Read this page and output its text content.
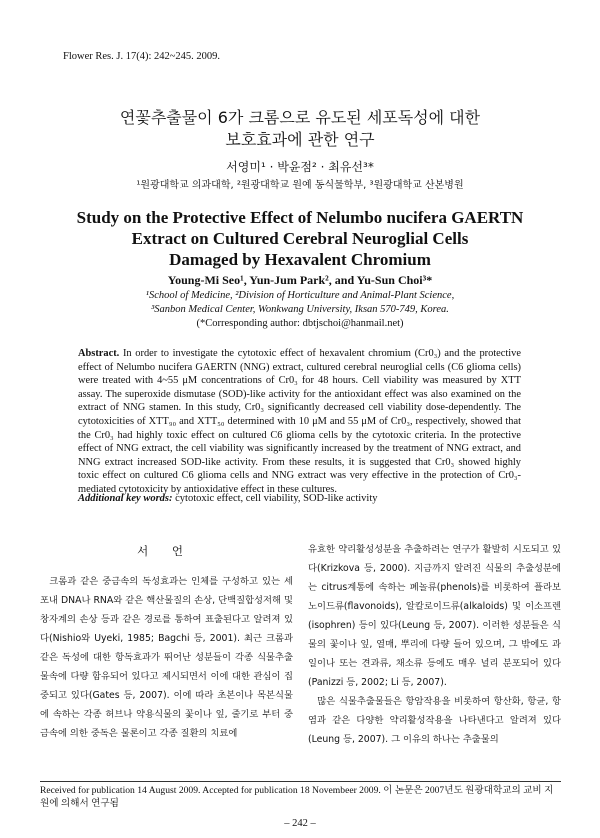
Flower Res. J. 17(4): 242~245. 2009.
연꽃추출물이 6가 크롬으로 유도된 세포독성에 대한
보호효과에 관한 연구
서영미¹ · 박윤점² · 최유선³*
¹원광대학교 의과대학, ²원광대학교 원예 동식물학부, ³원광대학교 산본병원
Study on the Protective Effect of Nelumbo nucifera GAERTN
Extract on Cultured Cerebral Neuroglial Cells
Damaged by Hexavalent Chromium
Young-Mi Seo¹, Yun-Jum Park², and Yu-Sun Choi³*
¹School of Medicine, ²Division of Horticulture and Animal-Plant Science,
³Sanbon Medical Center, Wonkwang University, Iksan 570-749, Korea.
(*Corresponding author: dbtjschoi@hanmail.net)
Abstract. In order to investigate the cytotoxic effect of hexavalent chromium (Cr0₃) and the protective effect of Nelumbo nucifera GAERTN (NNG) extract, cultured cerebral neuroglial cells (C6 glioma cells) were treated with 4~55 μM concentrations of Cr0₃ for 48 hours. Cell viability was measured by XTT assay. The superoxide dismutase (SOD)-like activity for the antioxidant effect was also examined on the extract of NNG stamen. In this study, Cr0₃ significantly decreased cell viability dose-dependently. The cytotoxicities of XTT₉₀ and XTT₅₀ determined with 10 μM and 55 μM of Cr0₃, respectively, showed that the Cr0₃ had highly toxic effect on cultured C6 glioma cells by the cytotoxic criteria. In the protective effect of NNG extract, the cell viability was significantly increased by the treatment of NNG extract, and NNG extract increased SOD-like activity. From these results, it is suggested that Cr0₃ showed highly toxic effect on cultured C6 glioma cells and NNG extract was very effective in the protection of Cr0₃-mediated cytotoxicity by antioxidative effect in these cultures.
Additional key words: cytotoxic effect, cell viability, SOD-like activity
서 언

크롬과 같은 중금속의 독성효과는 인체를 구성하고 있는 세포내 DNA나 RNA와 같은 핵산물질의 손상, 단백질합성저해 및 창자계의 손상 등과 같은 경로를 통하여 표출된다고 알려져 있다(Nishio와 Uyeki, 1985; Bagchi 등, 2001). 최근 크롬과 같은 독성에 대한 항독효과가 뛰어난 성분들이 각종 식물추출물속에 다량 함유되어 있다고 제시되면서 이에 대한 관심이 집중되고 있다(Gates 등, 2007). 이에 따라 초본이나 목본식물에 속하는 각종 허브나 약용식물의 꽃이나 잎, 줄기로 부터 중금속에 의한 중독은 물론이고 각종 질환의 치료에

유효한 약리활성성분을 추출하려는 연구가 활발히 시도되고 있다(Krizkova 등, 2000). 지금까지 알려진 식물의 추출성분에는 citrus계통에 속하는 폐놀류(phenols)를 비롯하여 플라보노이드류(flavonoids), 알칼로이드류(alkaloids) 및 이소프렌(isophren) 등이 있다(Leung 등, 2007). 이러한 성분들은 식물의 꽃이나 잎, 열매, 뿌리에 다량 들어 있으며, 그 밖에도 과일이나 또는 견과류, 채소류 등에도 매우 널리 분포되어 있다(Panizzi 등, 2002; Li 등, 2007).

많은 식물추출물들은 항암작용을 비롯하여 항산화, 항균, 항염과 같은 다양한 약리활성작용을 나타낸다고 알려져 있다(Leung 등, 2007). 그 이유의 하나는 추출물의

Received for publication 14 August 2009. Accepted for publication 18 Novembeer 2009. 이 논문은 2007년도 원광대학교의 교비 지원에 의해서 연구됨
– 242 –
